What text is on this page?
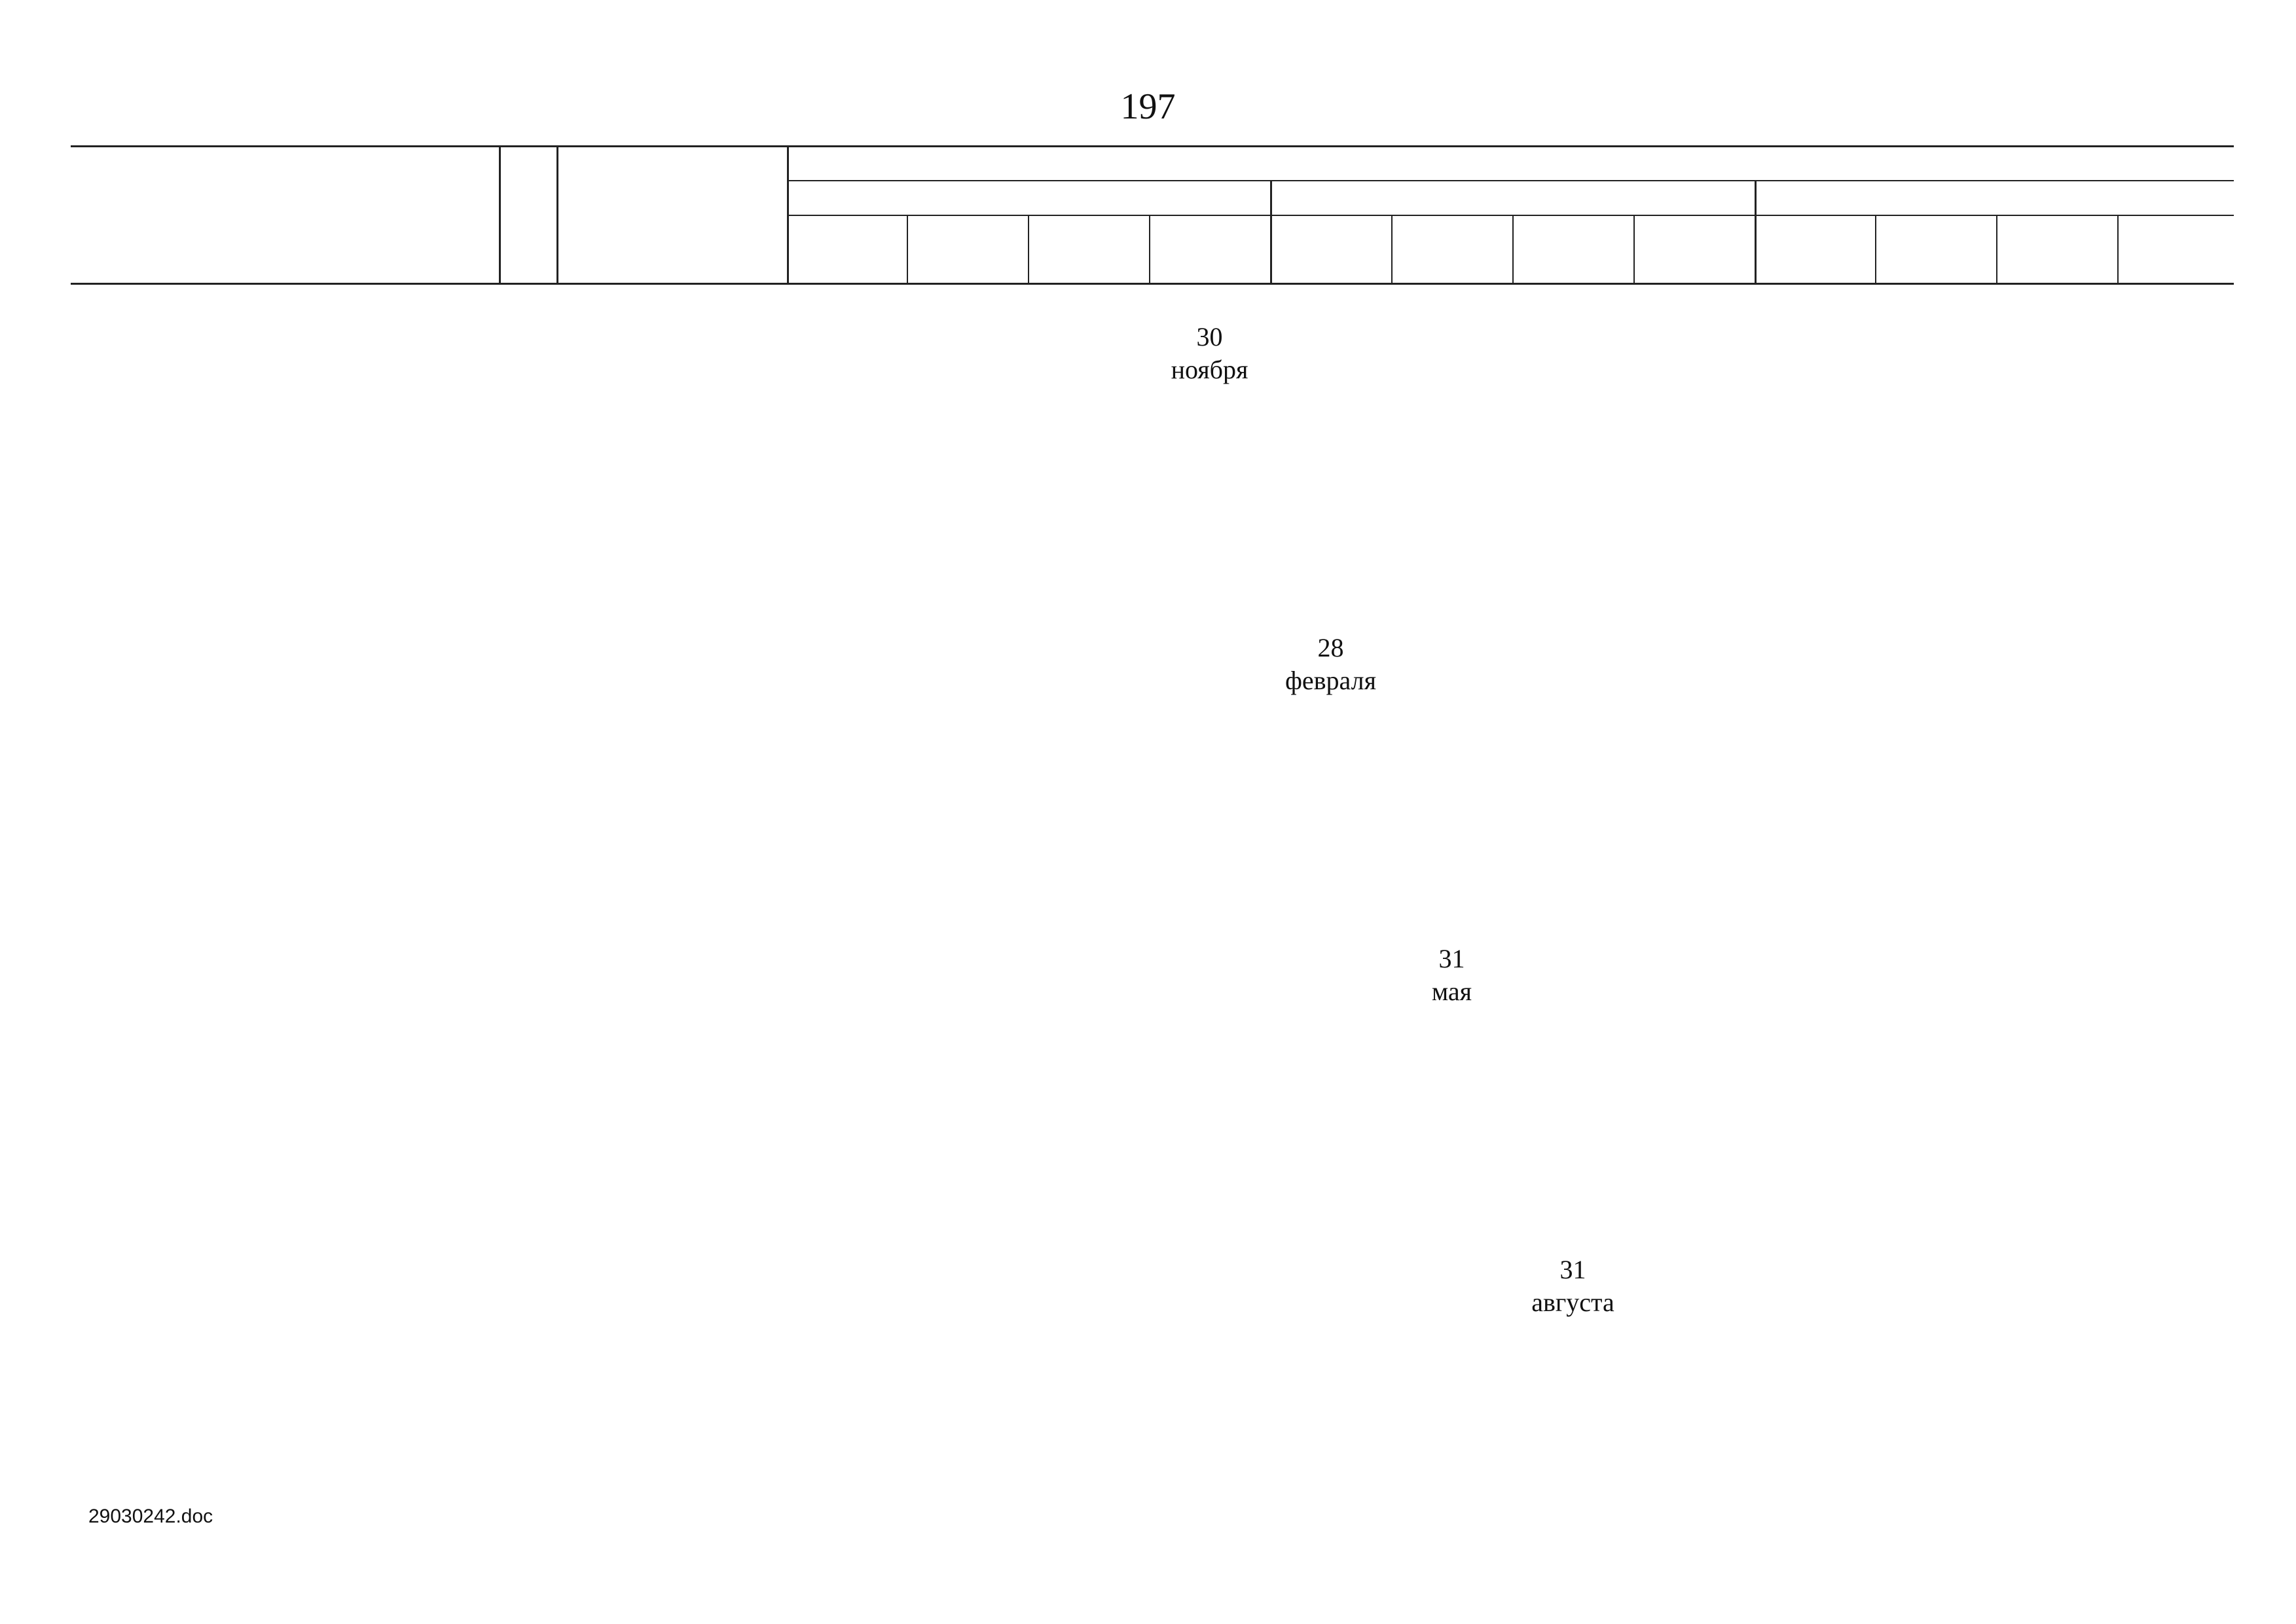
197
30
ноября
28
февраля
31
мая
31
августа
29030242.doc
